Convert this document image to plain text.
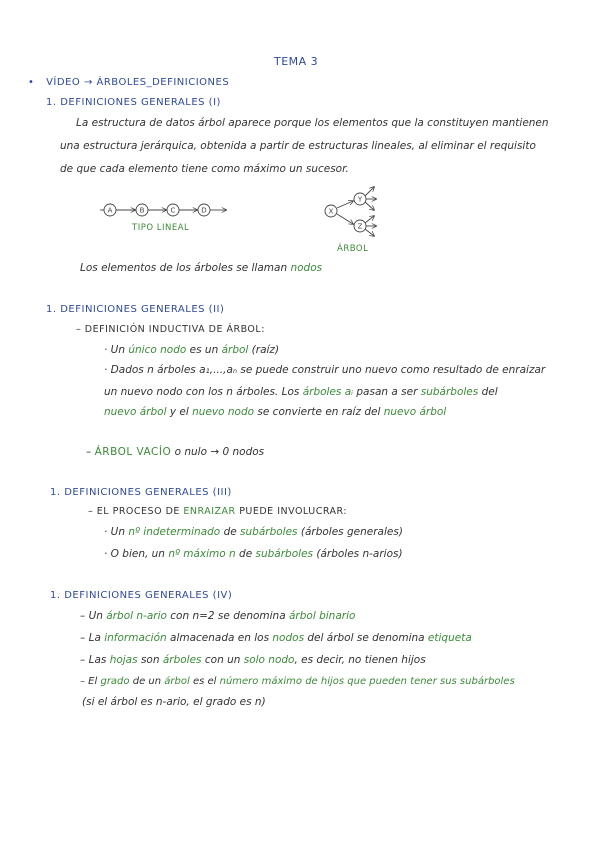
TEMA 3
• VÍDEO → ÁRBOLES_DEFINICIONES
1. DEFINICIONES GENERALES (I)
La estructura de datos árbol aparece porque los elementos que la constituyen mantienen
una estructura jerárquica, obtenida a partir de estructuras lineales, al eliminar el requisito
de que cada elemento tiene como máximo un sucesor.
A	B	C	D
TIPO LINEAL
X
Y
Z
ÁRBOL
Los elementos de los árboles se llaman nodos
1. DEFINICIONES GENERALES (II)
– DEFINICIÓN INDUCTIVA DE ÁRBOL:
· Un único nodo es un árbol (raíz)
· Dados n árboles a₁,...,aₙ se puede construir uno nuevo como resultado de enraizar
un nuevo nodo con los n árboles. Los árboles aᵢ pasan a ser subárboles del
nuevo árbol y el nuevo nodo se convierte en raíz del nuevo árbol
– ÁRBOL VACÍO o nulo → 0 nodos
1. DEFINICIONES GENERALES (III)
– EL PROCESO DE ENRAIZAR PUEDE INVOLUCRAR:
· Un nº indeterminado de subárboles (árboles generales)
· O bien, un nº máximo n de subárboles (árboles n-arios)
1. DEFINICIONES GENERALES (IV)
– Un árbol n-ario con n=2 se denomina árbol binario
– La información almacenada en los nodos del árbol se denomina etiqueta
– Las hojas son árboles con un solo nodo, es decir, no tienen hijos
– El grado de un árbol es el número máximo de hijos que pueden tener sus subárboles
(si el árbol es n-ario, el grado es n)
